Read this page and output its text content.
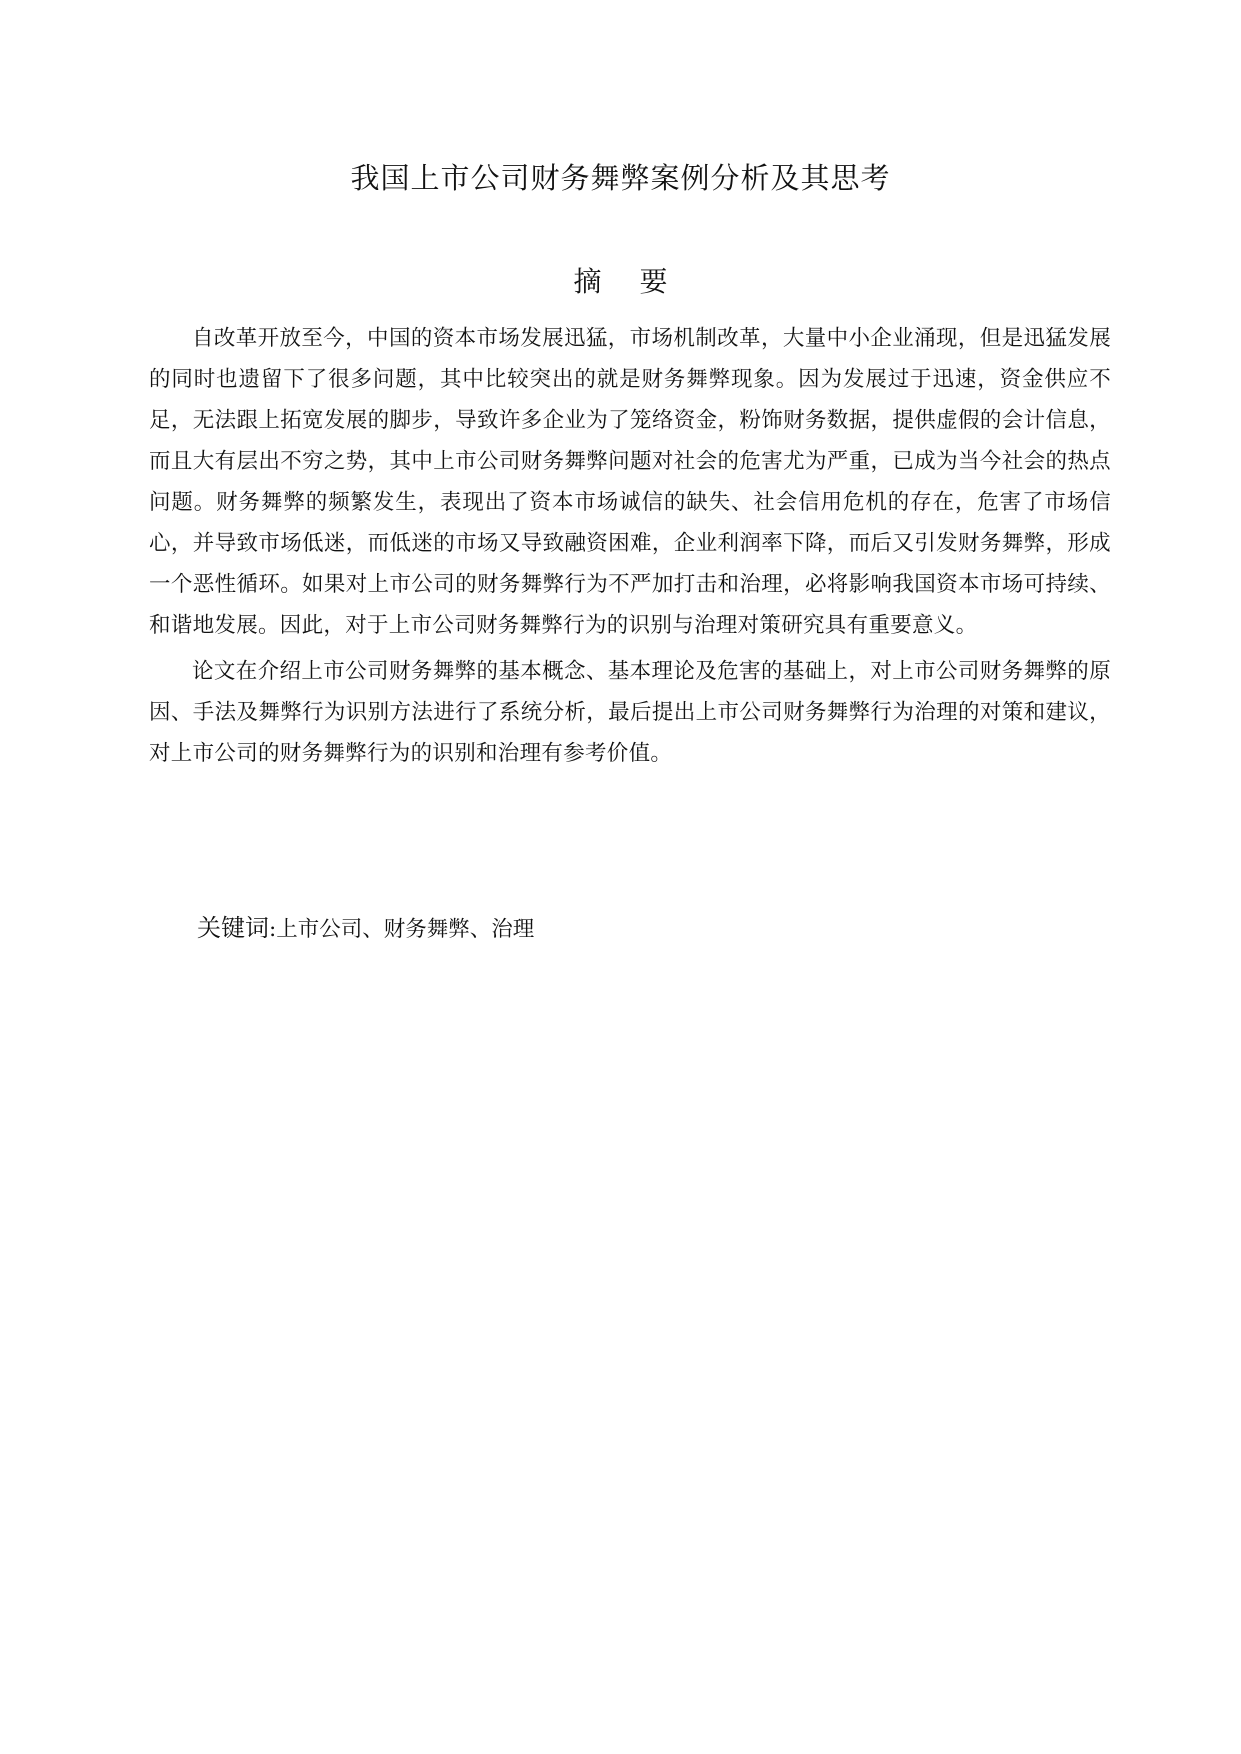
我国上市公司财务舞弊案例分析及其思考
摘 要

自改革开放至今，中国的资本市场发展迅猛，市场机制改革，大量中小企业涌现，但是迅猛发展的同时也遗留下了很多问题，其中比较突出的就是财务舞弊现象。因为发展过于迅速，资金供应不足，无法跟上拓宽发展的脚步，导致许多企业为了笼络资金，粉饰财务数据，提供虚假的会计信息，而且大有层出不穷之势，其中上市公司财务舞弊问题对社会的危害尤为严重，已成为当今社会的热点问题。财务舞弊的频繁发生，表现出了资本市场诚信的缺失、社会信用危机的存在，危害了市场信心，并导致市场低迷，而低迷的市场又导致融资困难，企业利润率下降，而后又引发财务舞弊，形成一个恶性循环。如果对上市公司的财务舞弊行为不严加打击和治理，必将影响我国资本市场可持续、和谐地发展。因此，对于上市公司财务舞弊行为的识别与治理对策研究具有重要意义。

论文在介绍上市公司财务舞弊的基本概念、基本理论及危害的基础上，对上市公司财务舞弊的原因、手法及舞弊行为识别方法进行了系统分析，最后提出上市公司财务舞弊行为治理的对策和建议，对上市公司的财务舞弊行为的识别和治理有参考价值。

关键词:上市公司、财务舞弊、治理
